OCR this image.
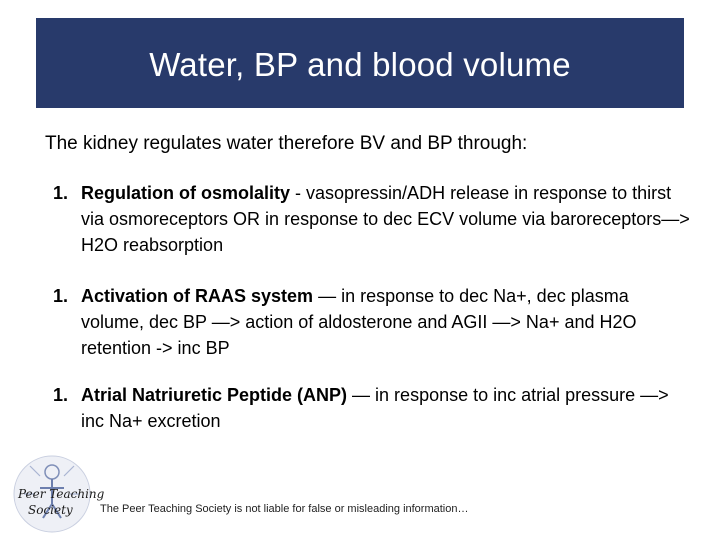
Water, BP and blood volume

The kidney regulates water therefore BV and BP through:

1. Regulation of osmolality - vasopressin/ADH release in response to thirst via osmoreceptors OR in response to dec ECV volume via baroreceptors—> H2O reabsorption
1. Activation of RAAS system — in response to dec Na+, dec plasma volume, dec BP —> action of aldosterone and AGII —> Na+ and H2O retention -> inc BP
1. Atrial Natriuretic Peptide (ANP) — in response to inc atrial pressure —> inc Na+ excretion
Peer Teaching
Society The Peer Teaching Society is not liable for false or misleading information…
